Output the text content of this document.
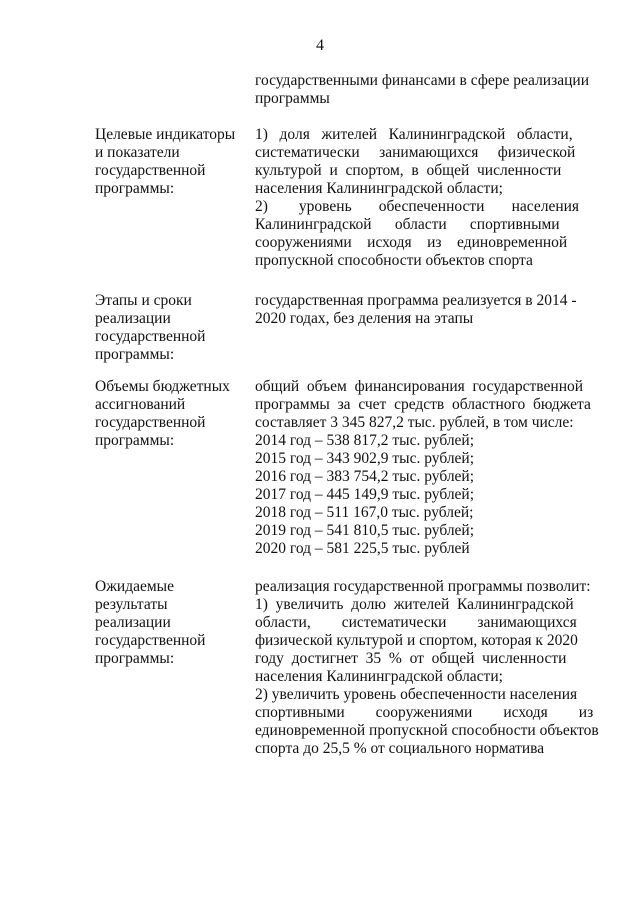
4
государственными финансами в сфере реализации
программы
Целевые индикаторы
и показатели
государственной
программы:
1)   доля   жителей   Калининградской   области,
систематически     занимающихся     физической
культурой  и  спортом,  в  общей  численности
населения Калининградской области;
2)        уровень       обеспеченности       населения
Калининградской      области      спортивными
сооружениями    исходя    из    единовременной
пропускной способности объектов спорта
Этапы и сроки
реализации
государственной
программы:
государственная программа реализуется в 2014 -
2020 годах, без деления на этапы
Объемы бюджетных
ассигнований
государственной
программы:
общий  объем  финансирования  государственной
программы  за  счет  средств  областного  бюджета
составляет 3 345 827,2 тыс. рублей, в том числе:
2014 год – 538 817,2 тыс. рублей;
2015 год – 343 902,9 тыс. рублей;
2016 год – 383 754,2 тыс. рублей;
2017 год – 445 149,9 тыс. рублей;
2018 год – 511 167,0 тыс. рублей;
2019 год – 541 810,5 тыс. рублей;
2020 год – 581 225,5 тыс. рублей
Ожидаемые
результаты
реализации
государственной
программы:
реализация государственной программы позволит:
1)  увеличить  долю  жителей  Калининградской
области,        систематически        занимающихся
физической культурой и спортом, которая к 2020
году  достигнет  35  %  от  общей  численности
населения Калининградской области;
2) увеличить уровень обеспеченности населения
спортивными        сооружениями        исходя        из
единовременной пропускной способности объектов
спорта до 25,5 % от социального норматива
